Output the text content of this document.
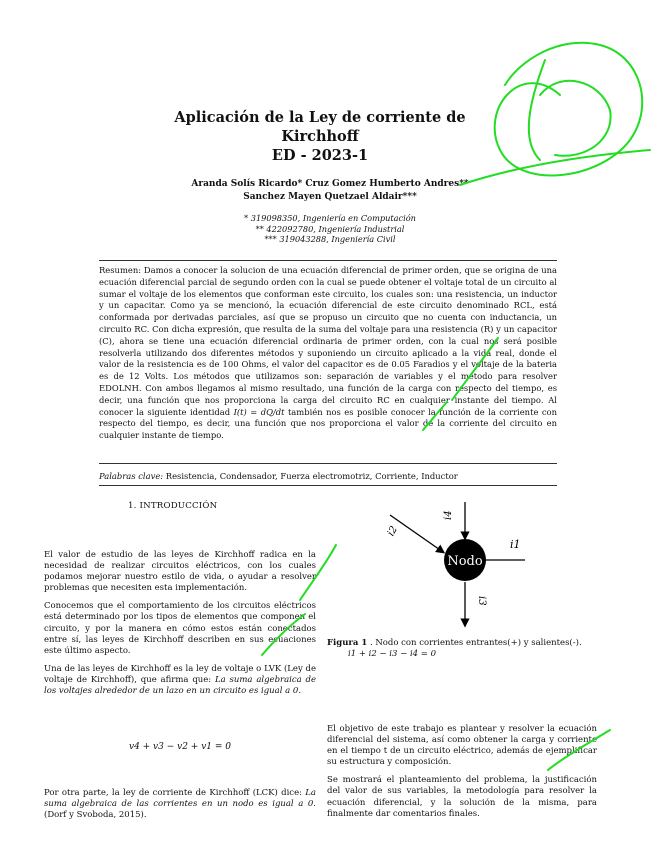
Aplicación de la Ley de corriente de
Kirchhoff
ED - 2023-1
Aranda Solís Ricardo* Cruz Gomez Humberto Andres**
Sanchez Mayen Quetzael Aldair***
* 319098350, Ingeniería en Computación
** 422092780, Ingeniería Industrial
*** 319043288, Ingeniería Civil
Resumen: Damos a conocer la solucion de una ecuación diferencial de primer orden, que se origina de una ecuación diferencial parcial de segundo orden con la cual se puede obtener el voltaje total de un circuito al sumar el voltaje de los elementos que conforman este circuito, los cuales son: una resistencia, un inductor y un capacitar. Como ya se mencionó, la ecuación diferencial de este circuito denominado RCL, está conformada por derivadas parciales, así que se propuso un circuito que no cuenta con inductancia, un circuito RC. Con dicha expresión, que resulta de la suma del voltaje para una resistencia (R) y un capacitor (C), ahora se tiene una ecuación diferencial ordinaria de primer orden, con la cual nos será posible resolverla utilizando dos diferentes métodos y suponiendo un circuito aplicado a la vida real, donde el valor de la resistencia es de 100 Ohms, el valor del capacitor es de 0.05 Faradios y el voltaje de la bateria es de 12 Volts. Los métodos que utilizamos son: separación de variables y el método para resolver EDOLNH. Con ambos llegamos al mismo resultado, una función de la carga con respecto del tiempo, es decir, una función que nos proporciona la carga del circuito RC en cualquier instante del tiempo. Al conocer la siguiente identidad I(t) = dQ/dt también nos es posible conocer la función de la corriente con respecto del tiempo, es decir, una función que nos proporciona el valor de la corriente del circuito en cualquier instante de tiempo.
Palabras clave: Resistencia, Condensador, Fuerza electromotriz, Corriente, Inductor
1. INTRODUCCIÓN

El valor de estudio de las leyes de Kirchhoff radica en la necesidad de realizar circuitos eléctricos, con los cuales podamos mejorar nuestro estilo de vida, o ayudar a resolver problemas que necesiten esta implementación.

Conocemos que el comportamiento de los circuitos eléctricos está determinado por los tipos de elementos que componen el circuito, y por la manera en cómo estos están conectados entre sí, las leyes de Kirchhoff describen en sus ecuaciones este último aspecto.

Una de las leyes de Kirchhoff es la ley de voltaje o LVK (Ley de voltaje de Kirchhoff), que afirma que: La suma algebraica de los voltajes alrededor de un lazo en un circuito es igual a 0.

v4 + v3 − v2 + v1 = 0
Por otra parte, la ley de corriente de Kirchhoff (LCK) dice: La suma algebraica de las corrientes en un nodo es igual a 0. (Dorf y Svoboda, 2015).
Nodo
i2
i4
i1
i3
Figura 1 . Nodo con corrientes entrantes(+) y salientes(-).
i1 + i2 − i3 − i4 = 0

El objetivo de este trabajo es plantear y resolver la ecuación diferencial del sistema, así como obtener la carga y corriente en el tiempo t de un circuito eléctrico, además de ejemplificar su estructura y composición.

Se mostrará el planteamiento del problema, la justificación del valor de sus variables, la metodología para resolver la ecuación diferencial, y la solución de la misma, para finalmente dar comentarios finales.
